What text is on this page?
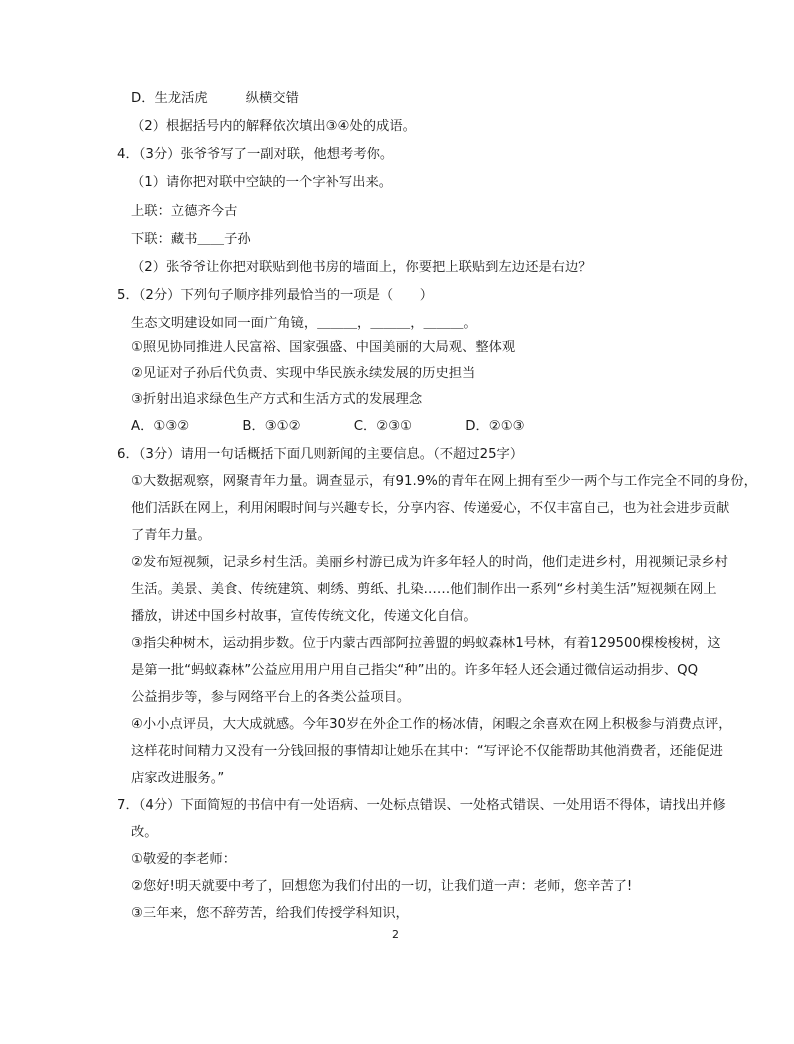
D．生龙活虎	纵横交错
（2）根据括号内的解释依次填出③④处的成语。
4．（3分）张爷爷写了一副对联，他想考考你。
（1）请你把对联中空缺的一个字补写出来。
上联：立德齐今古
下联：藏书＿＿子孙
（2）张爷爷让你把对联贴到他书房的墙面上，你要把上联贴到左边还是右边？
5．（2分）下列句子顺序排列最恰当的一项是（　　）
生态文明建设如同一面广角镜，＿＿＿，＿＿＿，＿＿＿。
①照见协同推进人民富裕、国家强盛、中国美丽的大局观、整体观
②见证对子孙后代负责、实现中华民族永续发展的历史担当
③折射出追求绿色生产方式和生活方式的发展理念
A．①③②　　　　B．③①②　　　　C．②③①　　　　D．②①③
6．（3分）请用一句话概括下面几则新闻的主要信息。（不超过25字）
①大数据观察，网聚青年力量。调查显示，有91.9%的青年在网上拥有至少一两个与工作完全不同的身份，
他们活跃在网上，利用闲暇时间与兴趣专长，分享内容、传递爱心，不仅丰富自己，也为社会进步贡献
了青年力量。
②发布短视频，记录乡村生活。美丽乡村游已成为许多年轻人的时尚，他们走进乡村，用视频记录乡村
生活。美景、美食、传统建筑、刺绣、剪纸、扎染……他们制作出一系列“乡村美生活”短视频在网上
播放，讲述中国乡村故事，宣传传统文化，传递文化自信。
③指尖种树木，运动捐步数。位于内蒙古西部阿拉善盟的蚂蚁森林1号林，有着129500棵梭梭树，这
是第一批“蚂蚁森林”公益应用用户用自己指尖“种”出的。许多年轻人还会通过微信运动捐步、QQ
公益捐步等，参与网络平台上的各类公益项目。
④小小点评员，大大成就感。今年30岁在外企工作的杨冰倩，闲暇之余喜欢在网上积极参与消费点评，
这样花时间精力又没有一分钱回报的事情却让她乐在其中：“写评论不仅能帮助其他消费者，还能促进
店家改进服务。”
7．（4分）下面简短的书信中有一处语病、一处标点错误、一处格式错误、一处用语不得体，请找出并修
改。
①敬爱的李老师：
②您好!明天就要中考了，回想您为我们付出的一切，让我们道一声：老师，您辛苦了!
③三年来，您不辞劳苦，给我们传授学科知识，
2
